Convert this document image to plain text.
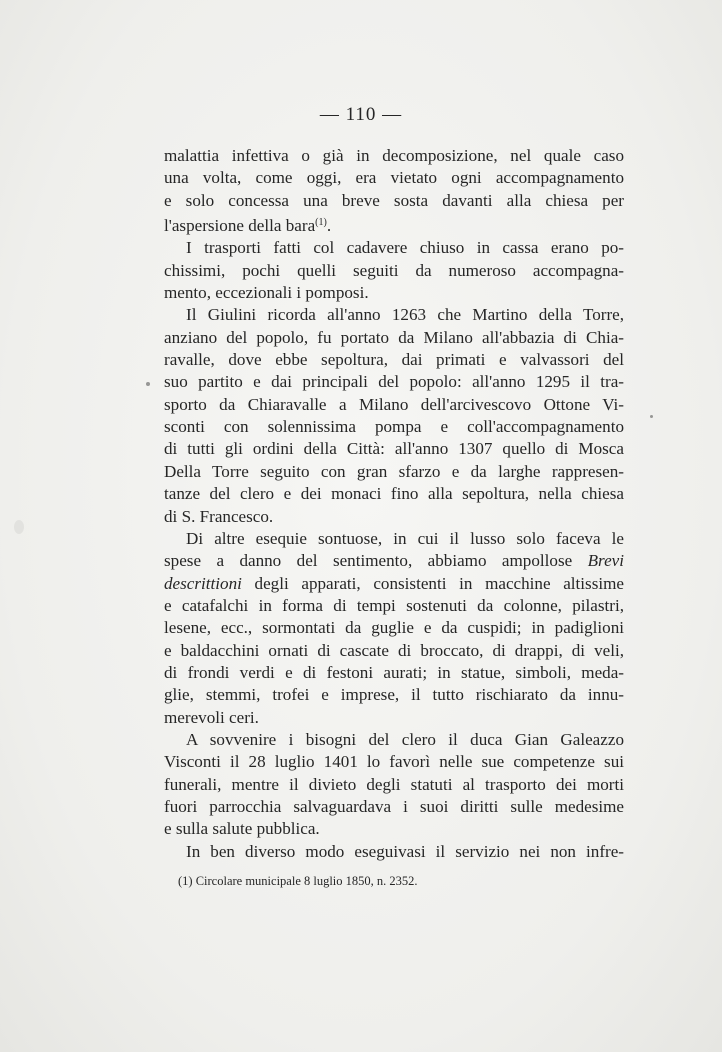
— 110 —
malattia infettiva o già in decomposizione, nel quale caso
una volta, come oggi, era vietato ogni accompagnamento
e solo concessa una breve sosta davanti alla chiesa per
l'aspersione della bara$^{(1)}$.
I trasporti fatti col cadavere chiuso in cassa erano po-
chissimi, pochi quelli seguiti da numeroso accompagna-
mento, eccezionali i pomposi.
Il Giulini ricorda all'anno 1263 che Martino della Torre,
anziano del popolo, fu portato da Milano all'abbazia di Chia-
ravalle, dove ebbe sepoltura, dai primati e valvassori del
suo partito e dai principali del popolo: all'anno 1295 il tra-
sporto da Chiaravalle a Milano dell'arcivescovo Ottone Vi-
sconti con solennissima pompa e coll'accompagnamento
di tutti gli ordini della Città: all'anno 1307 quello di Mosca
Della Torre seguito con gran sfarzo e da larghe rappresen-
tanze del clero e dei monaci fino alla sepoltura, nella chiesa
di S. Francesco.
Di altre esequie sontuose, in cui il lusso solo faceva le
spese a danno del sentimento, abbiamo ampollose Brevi
descrittioni degli apparati, consistenti in macchine altissime
e catafalchi in forma di tempi sostenuti da colonne, pilastri,
lesene, ecc., sormontati da guglie e da cuspidi; in padiglioni
e baldacchini ornati di cascate di broccato, di drappi, di veli,
di frondi verdi e di festoni aurati; in statue, simboli, meda-
glie, stemmi, trofei e imprese, il tutto rischiarato da innu-
merevoli ceri.
A sovvenire i bisogni del clero il duca Gian Galeazzo
Visconti il 28 luglio 1401 lo favorì nelle sue competenze sui
funerali, mentre il divieto degli statuti al trasporto dei morti
fuori parrocchia salvaguardava i suoi diritti sulle medesime
e sulla salute pubblica.
In ben diverso modo eseguivasi il servizio nei non infre-
(1) Circolare municipale 8 luglio 1850, n. 2352.
